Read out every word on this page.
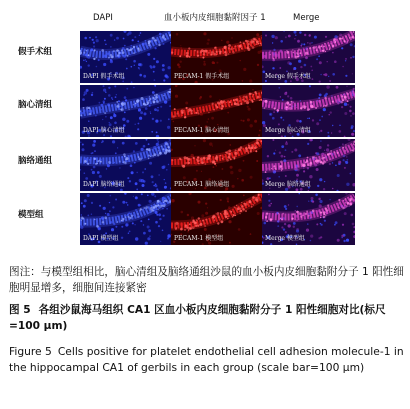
DAPI	血小板内皮细胞黏附因子 1	Merge
假手术组
脑心清组
脑络通组
模型组
DAPI 假手术组	PECAM-1 假手术组	Merge 假手术组
DAPI 脑心清组	PECAM-1 脑心清组	Merge 脑心清组
DAPI 脑络通组	PECAM-1 脑络通组	Merge 脑络通组
DAPI 模型组	PECAM-1 模型组	Merge 模型组
图注：与模型组相比，脑心清组及脑络通组沙鼠的血小板内皮细胞黏附分子 1 阳性细胞明显增多，细胞间连接紧密
图 5 各组沙鼠海马组织 CA1 区血小板内皮细胞黏附分子 1 阳性细胞对比(标尺=100 μm)
Figure 5 Cells positive for platelet endothelial cell adhesion molecule-1 in the hippocampal CA1 of gerbils in each group (scale bar=100 μm)
